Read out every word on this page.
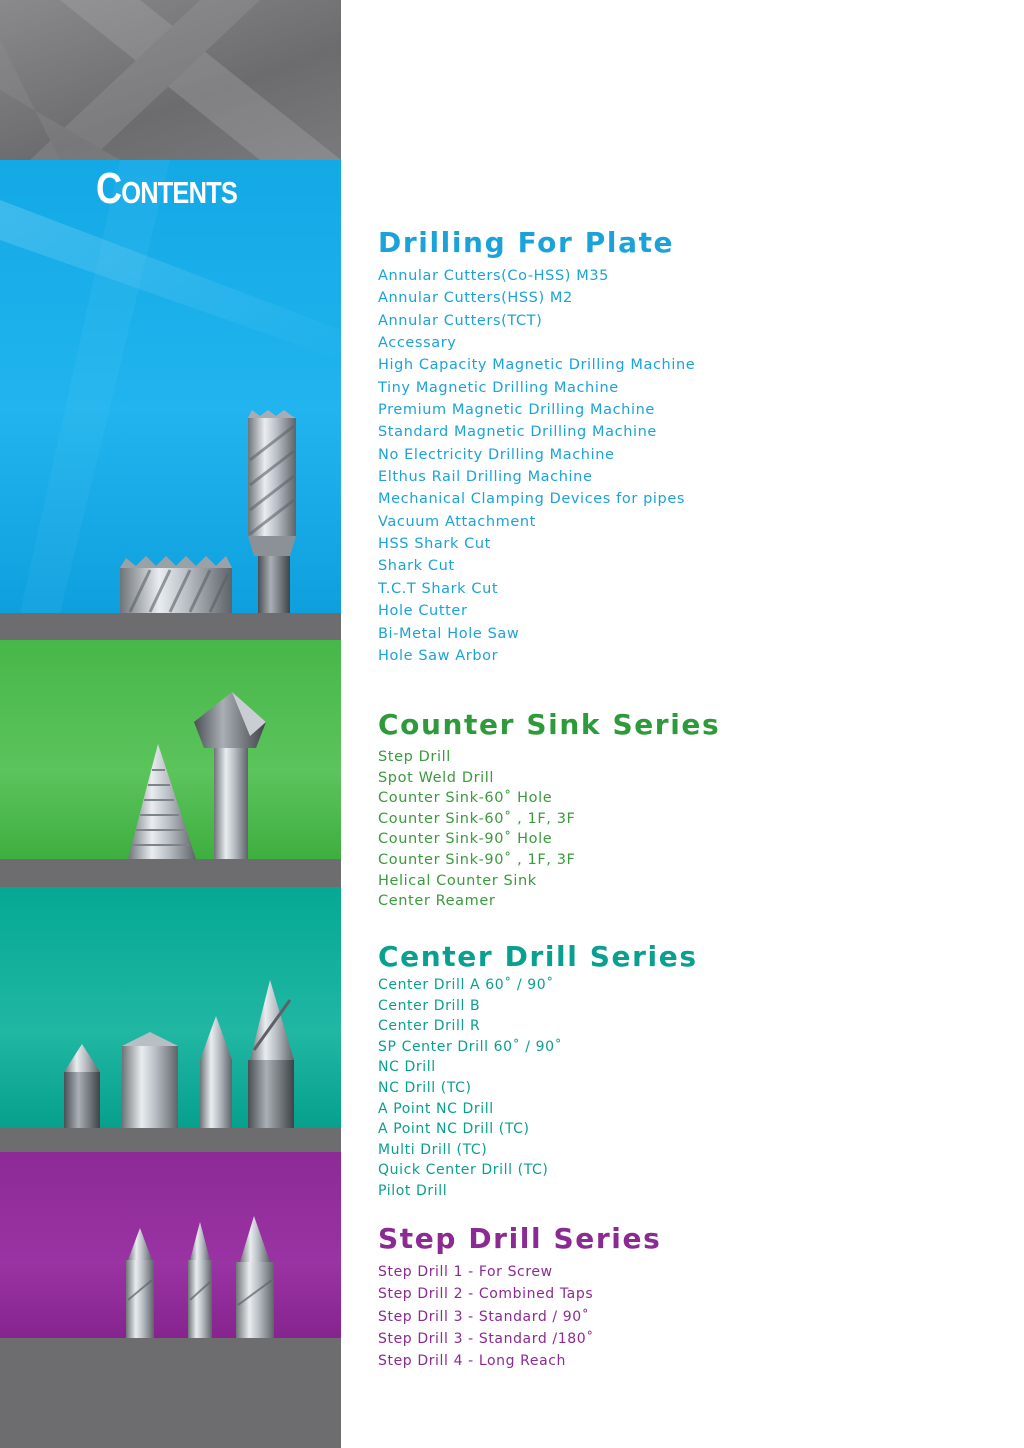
Contents
Drilling For Plate
Annular Cutters(Co-HSS) M35
Annular Cutters(HSS) M2
Annular Cutters(TCT)
Accessary
High Capacity Magnetic Drilling Machine
Tiny Magnetic Drilling Machine
Premium Magnetic Drilling Machine
Standard Magnetic Drilling Machine
No Electricity Drilling Machine
Elthus Rail Drilling Machine
Mechanical Clamping Devices for pipes
Vacuum Attachment
HSS Shark Cut
Shark Cut
T.C.T Shark Cut
Hole Cutter
Bi-Metal Hole Saw
Hole Saw Arbor
Counter Sink Series
Step Drill
Spot Weld Drill
Counter Sink-60˚ Hole
Counter Sink-60˚ , 1F, 3F
Counter Sink-90˚ Hole
Counter Sink-90˚ , 1F, 3F
Helical Counter Sink
Center Reamer
Center Drill Series
Center Drill A 60˚ / 90˚
Center Drill B
Center Drill R
SP Center Drill 60˚ / 90˚
NC Drill
NC Drill (TC)
A Point NC Drill
A Point NC Drill (TC)
Multi Drill (TC)
Quick Center Drill (TC)
Pilot Drill
Step Drill Series
Step Drill 1 - For Screw
Step Drill 2 - Combined Taps
Step Drill 3 - Standard / 90˚
Step Drill 3 - Standard /180˚
Step Drill 4 - Long Reach
